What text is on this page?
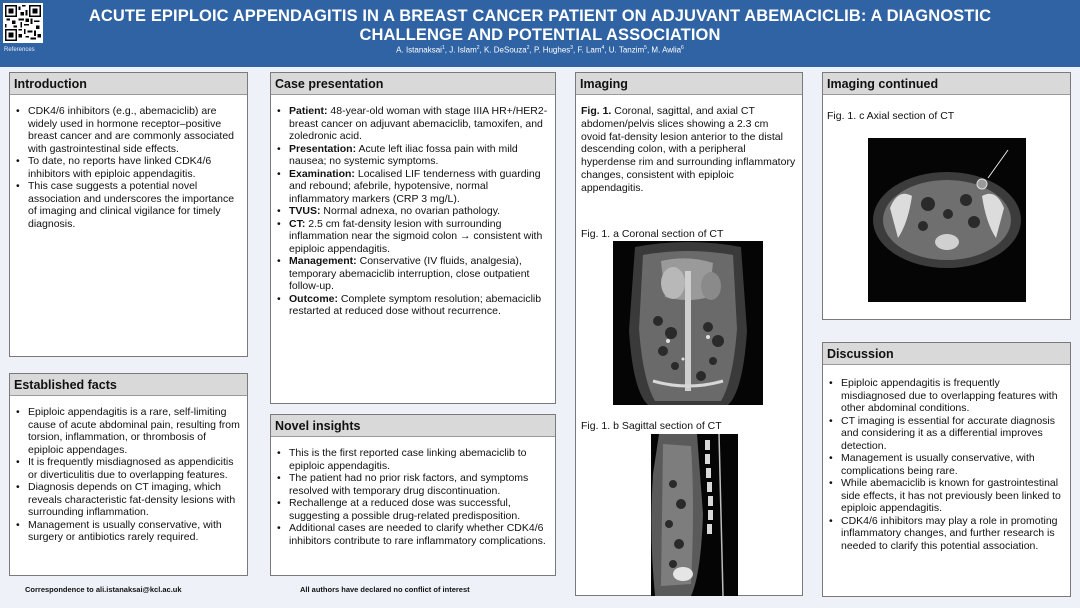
References
ACUTE EPIPLOIC APPENDAGITIS IN A BREAST CANCER PATIENT ON ADJUVANT ABEMACICLIB: A DIAGNOSTIC
CHALLENGE AND POTENTIAL ASSOCIATION
A. Istanaksai$^1$, J. Islam$^2$, K. DeSouza$^2$, P. Hughes$^3$, F. Lam$^4$, U. Tanzim$^5$, M. Awlia$^6$
Introduction
• CDK4/6 inhibitors (e.g., abemaciclib) are widely used in hormone receptor–positive breast cancer and are commonly associated with gastrointestinal side effects.
• To date, no reports have linked CDK4/6 inhibitors with epiploic appendagitis.
• This case suggests a potential novel association and underscores the importance of imaging and clinical vigilance for timely diagnosis.
Established facts
• Epiploic appendagitis is a rare, self-limiting cause of acute abdominal pain, resulting from torsion, inflammation, or thrombosis of epiploic appendages.
• It is frequently misdiagnosed as appendicitis or diverticulitis due to overlapping features.
• Diagnosis depends on CT imaging, which reveals characteristic fat-density lesions with surrounding inflammation.
• Management is usually conservative, with surgery or antibiotics rarely required.
Case presentation
• Patient: 48-year-old woman with stage IIIA HR+/HER2- breast cancer on adjuvant abemaciclib, tamoxifen, and zoledronic acid.
• Presentation: Acute left iliac fossa pain with mild nausea; no systemic symptoms.
• Examination: Localised LIF tenderness with guarding and rebound; afebrile, hypotensive, normal inflammatory markers (CRP 3 mg/L).
• TVUS: Normal adnexa, no ovarian pathology.
• CT: 2.5 cm fat-density lesion with surrounding inflammation near the sigmoid colon → consistent with epiploic appendagitis.
• Management: Conservative (IV fluids, analgesia), temporary abemaciclib interruption, close outpatient follow-up.
• Outcome: Complete symptom resolution; abemaciclib restarted at reduced dose without recurrence.
Novel insights
• This is the first reported case linking abemaciclib to epiploic appendagitis.
• The patient had no prior risk factors, and symptoms resolved with temporary drug discontinuation.
• Rechallenge at a reduced dose was successful, suggesting a possible drug-related predisposition.
• Additional cases are needed to clarify whether CDK4/6 inhibitors contribute to rare inflammatory complications.
Imaging
Fig. 1. Coronal, sagittal, and axial CT abdomen/pelvis slices showing a 2.3 cm ovoid fat-density lesion anterior to the distal descending colon, with a peripheral hyperdense rim and surrounding inflammatory changes, consistent with epiploic appendagitis.
Fig. 1. a Coronal section of CT
Fig. 1. b Sagittal section of CT
Imaging continued
Fig. 1. c Axial section of CT
Discussion
• Epiploic appendagitis is frequently misdiagnosed due to overlapping features with other abdominal conditions.
• CT imaging is essential for accurate diagnosis and considering it as a differential improves detection.
• Management is usually conservative, with complications being rare.
• While abemaciclib is known for gastrointestinal side effects, it has not previously been linked to epiploic appendagitis.
• CDK4/6 inhibitors may play a role in promoting inflammatory changes, and further research is needed to clarify this potential association.
Correspondence to ali.istanaksai@kcl.ac.uk	All authors have declared no conflict of interest
